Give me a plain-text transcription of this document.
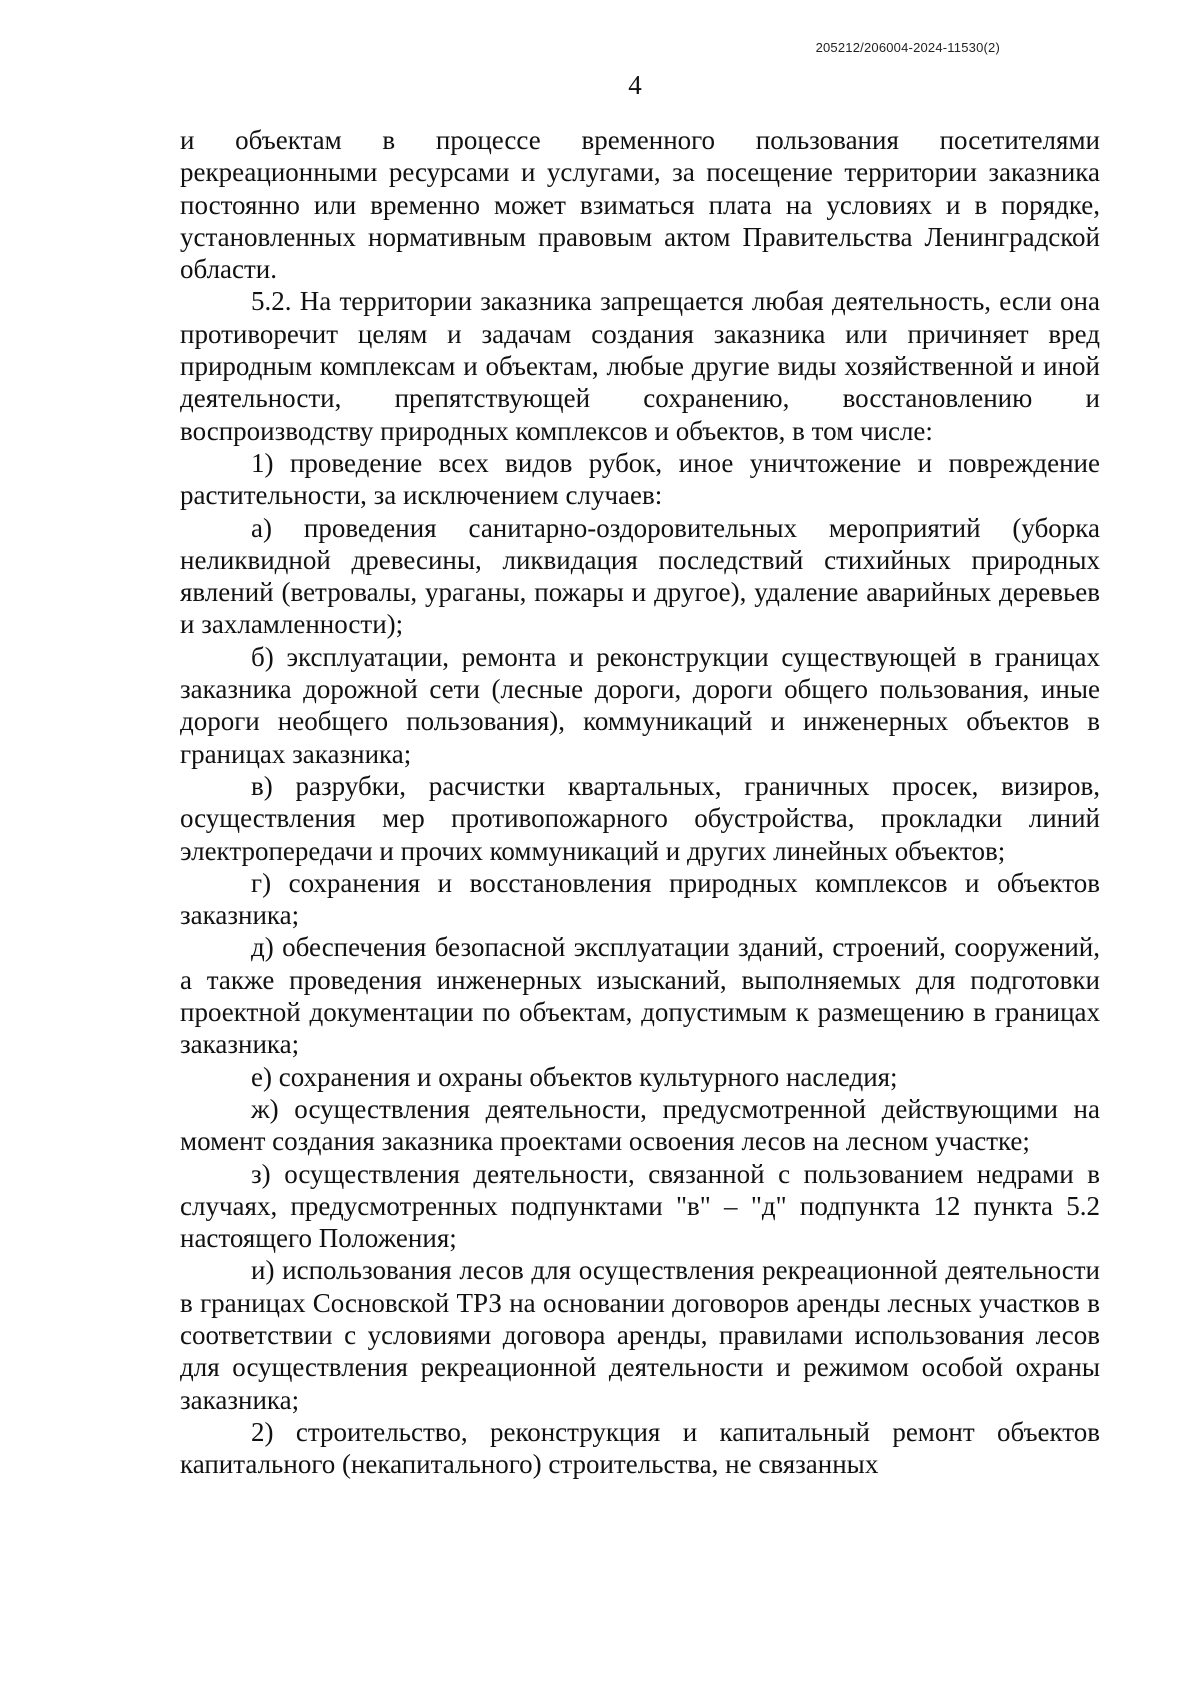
205212/206004-2024-11530(2)
4

и объектам в процессе временного пользования посетителями рекреационными ресурсами и услугами, за посещение территории заказника постоянно или временно может взиматься плата на условиях и в порядке, установленных нормативным правовым актом Правительства Ленинградской области.

5.2. На территории заказника запрещается любая деятельность, если она противоречит целям и задачам создания заказника или причиняет вред природным комплексам и объектам, любые другие виды хозяйственной и иной деятельности, препятствующей сохранению, восстановлению и воспроизводству природных комплексов и объектов, в том числе:

1) проведение всех видов рубок, иное уничтожение и повреждение растительности, за исключением случаев:

а) проведения санитарно-оздоровительных мероприятий (уборка неликвидной древесины, ликвидация последствий стихийных природных явлений (ветровалы, ураганы, пожары и другое), удаление аварийных деревьев и захламленности);

б) эксплуатации, ремонта и реконструкции существующей в границах заказника дорожной сети (лесные дороги, дороги общего пользования, иные дороги необщего пользования), коммуникаций и инженерных объектов в границах заказника;

в) разрубки, расчистки квартальных, граничных просек, визиров, осуществления мер противопожарного обустройства, прокладки линий электропередачи и прочих коммуникаций и других линейных объектов;

г) сохранения и восстановления природных комплексов и объектов заказника;

д) обеспечения безопасной эксплуатации зданий, строений, сооружений, а также проведения инженерных изысканий, выполняемых для подготовки проектной документации по объектам, допустимым к размещению в границах заказника;

е) сохранения и охраны объектов культурного наследия;

ж) осуществления деятельности, предусмотренной действующими на момент создания заказника проектами освоения лесов на лесном участке;

з) осуществления деятельности, связанной с пользованием недрами в случаях, предусмотренных подпунктами "в" – "д" подпункта 12 пункта 5.2 настоящего Положения;

и) использования лесов для осуществления рекреационной деятельности в границах Сосновской ТРЗ на основании договоров аренды лесных участков в соответствии с условиями договора аренды, правилами использования лесов для осуществления рекреационной деятельности и режимом особой охраны заказника;

2) строительство, реконструкция и капитальный ремонт объектов капитального (некапитального) строительства, не связанных
